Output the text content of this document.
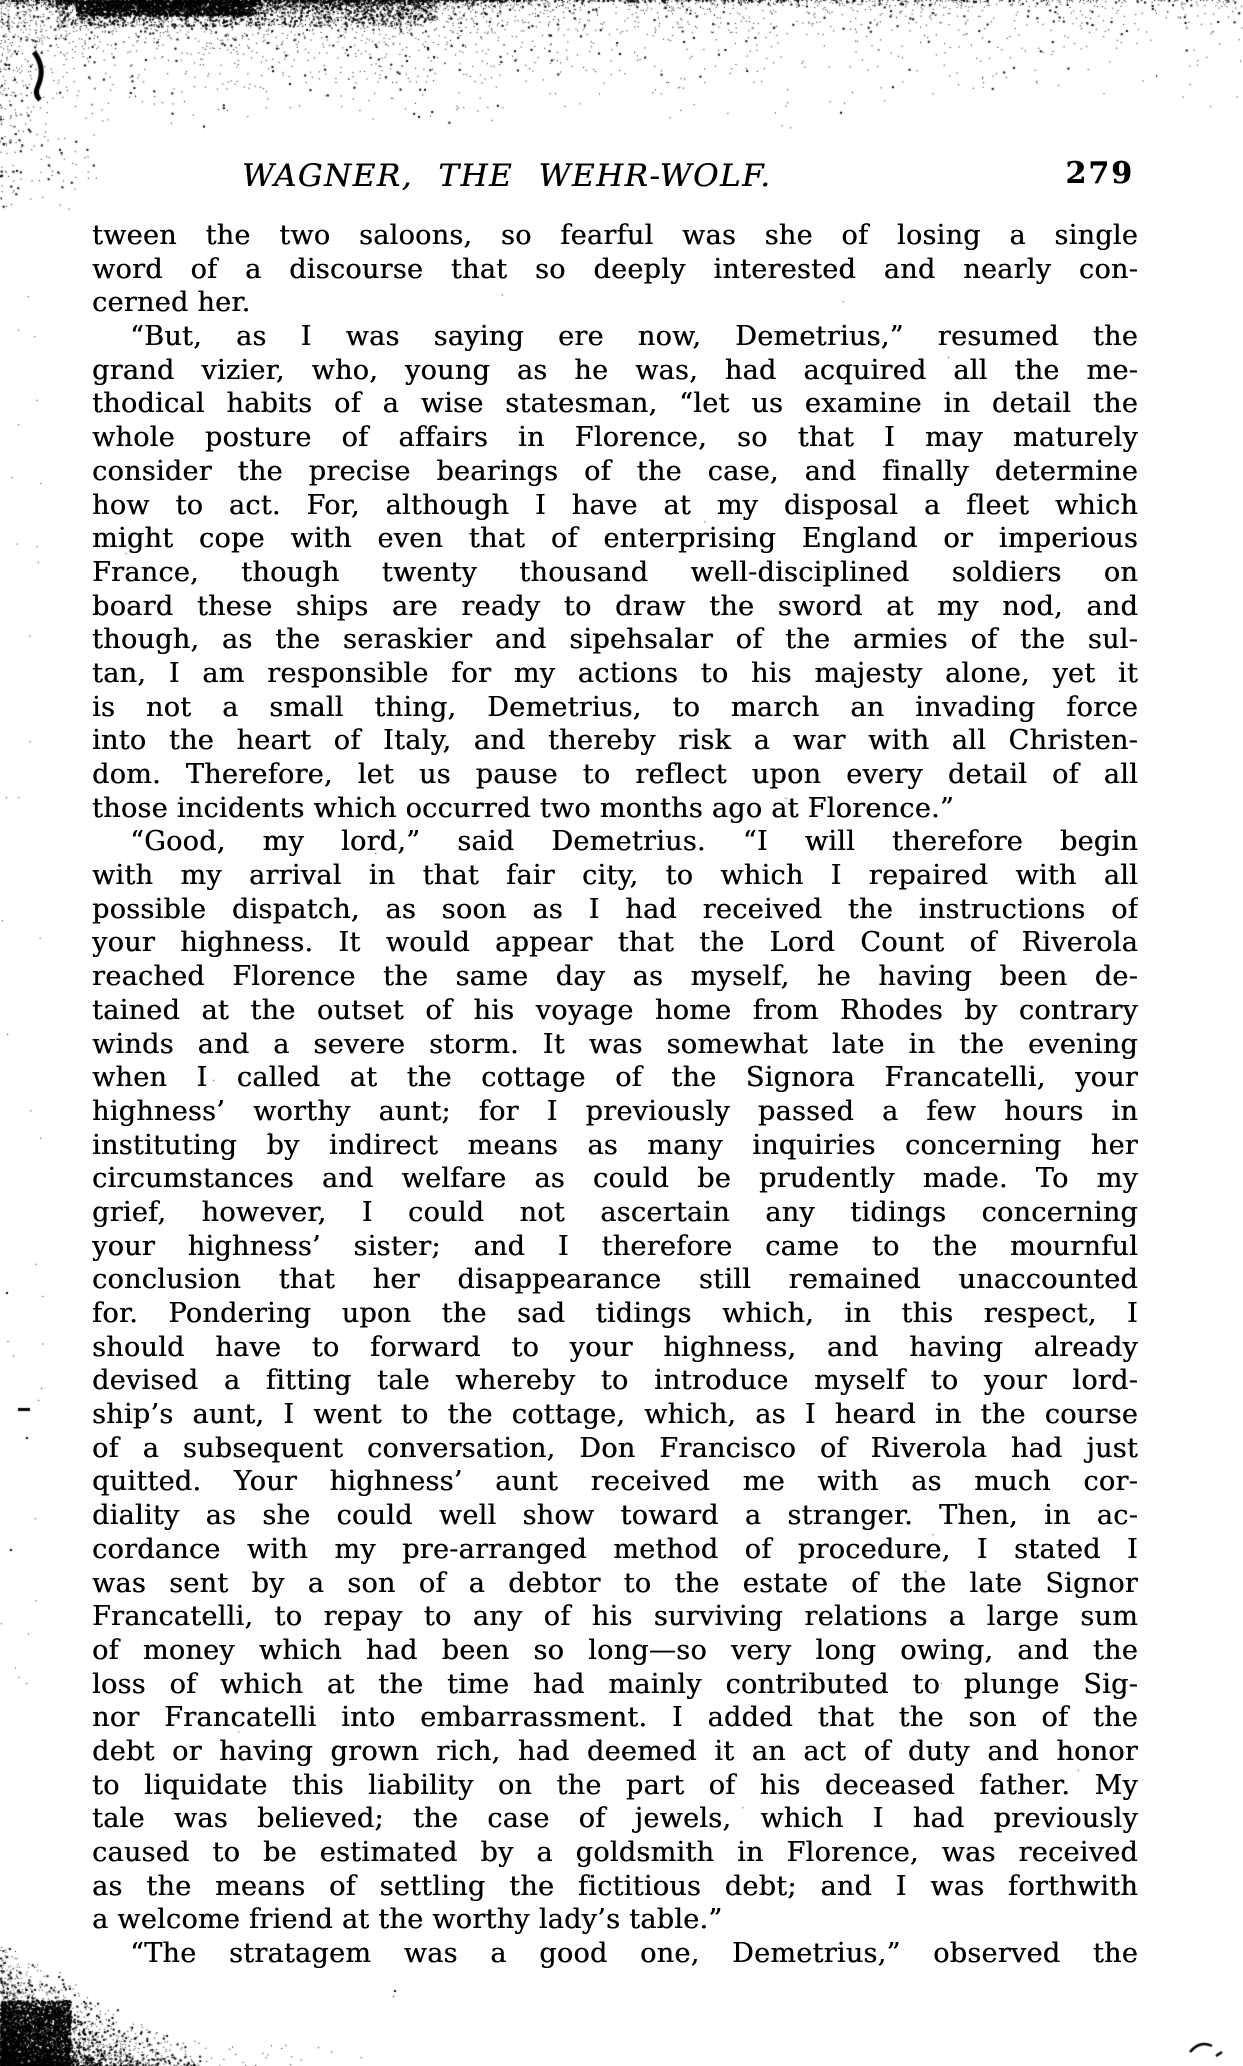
WAGNER, THE WEHR-WOLF.	279
tween the two saloons, so fearful was she of losing a single
word of a discourse that so deeply interested and nearly con-
cerned her.
“But, as I was saying ere now, Demetrius,” resumed the
grand vizier, who, young as he was, had acquired all the me-
thodical habits of a wise statesman, “let us examine in detail the
whole posture of affairs in Florence, so that I may maturely
consider the precise bearings of the case, and finally determine
how to act. For, although I have at my disposal a fleet which
might cope with even that of enterprising England or imperious
France, though twenty thousand well-disciplined soldiers on
board these ships are ready to draw the sword at my nod, and
though, as the seraskier and sipehsalar of the armies of the sul-
tan, I am responsible for my actions to his majesty alone, yet it
is not a small thing, Demetrius, to march an invading force
into the heart of Italy, and thereby risk a war with all Christen-
dom. Therefore, let us pause to reflect upon every detail of all
those incidents which occurred two months ago at Florence.”
“Good, my lord,” said Demetrius. “I will therefore begin
with my arrival in that fair city, to which I repaired with all
possible dispatch, as soon as I had received the instructions of
your highness. It would appear that the Lord Count of Riverola
reached Florence the same day as myself, he having been de-
tained at the outset of his voyage home from Rhodes by contrary
winds and a severe storm. It was somewhat late in the evening
when I called at the cottage of the Signora Francatelli, your
highness’ worthy aunt; for I previously passed a few hours in
instituting by indirect means as many inquiries concerning her
circumstances and welfare as could be prudently made. To my
grief, however, I could not ascertain any tidings concerning
your highness’ sister; and I therefore came to the mournful
conclusion that her disappearance still remained unaccounted
for. Pondering upon the sad tidings which, in this respect, I
should have to forward to your highness, and having already
devised a fitting tale whereby to introduce myself to your lord-
ship’s aunt, I went to the cottage, which, as I heard in the course
of a subsequent conversation, Don Francisco of Riverola had just
quitted. Your highness’ aunt received me with as much cor-
diality as she could well show toward a stranger. Then, in ac-
cordance with my pre-arranged method of procedure, I stated I
was sent by a son of a debtor to the estate of the late Signor
Francatelli, to repay to any of his surviving relations a large sum
of money which had been so long—so very long owing, and the
loss of which at the time had mainly contributed to plunge Sig-
nor Francatelli into embarrassment. I added that the son of the
debt or having grown rich, had deemed it an act of duty and honor
to liquidate this liability on the part of his deceased father. My
tale was believed; the case of jewels, which I had previously
caused to be estimated by a goldsmith in Florence, was received
as the means of settling the fictitious debt; and I was forthwith
a welcome friend at the worthy lady’s table.”
“The stratagem was a good one, Demetrius,” observed the
